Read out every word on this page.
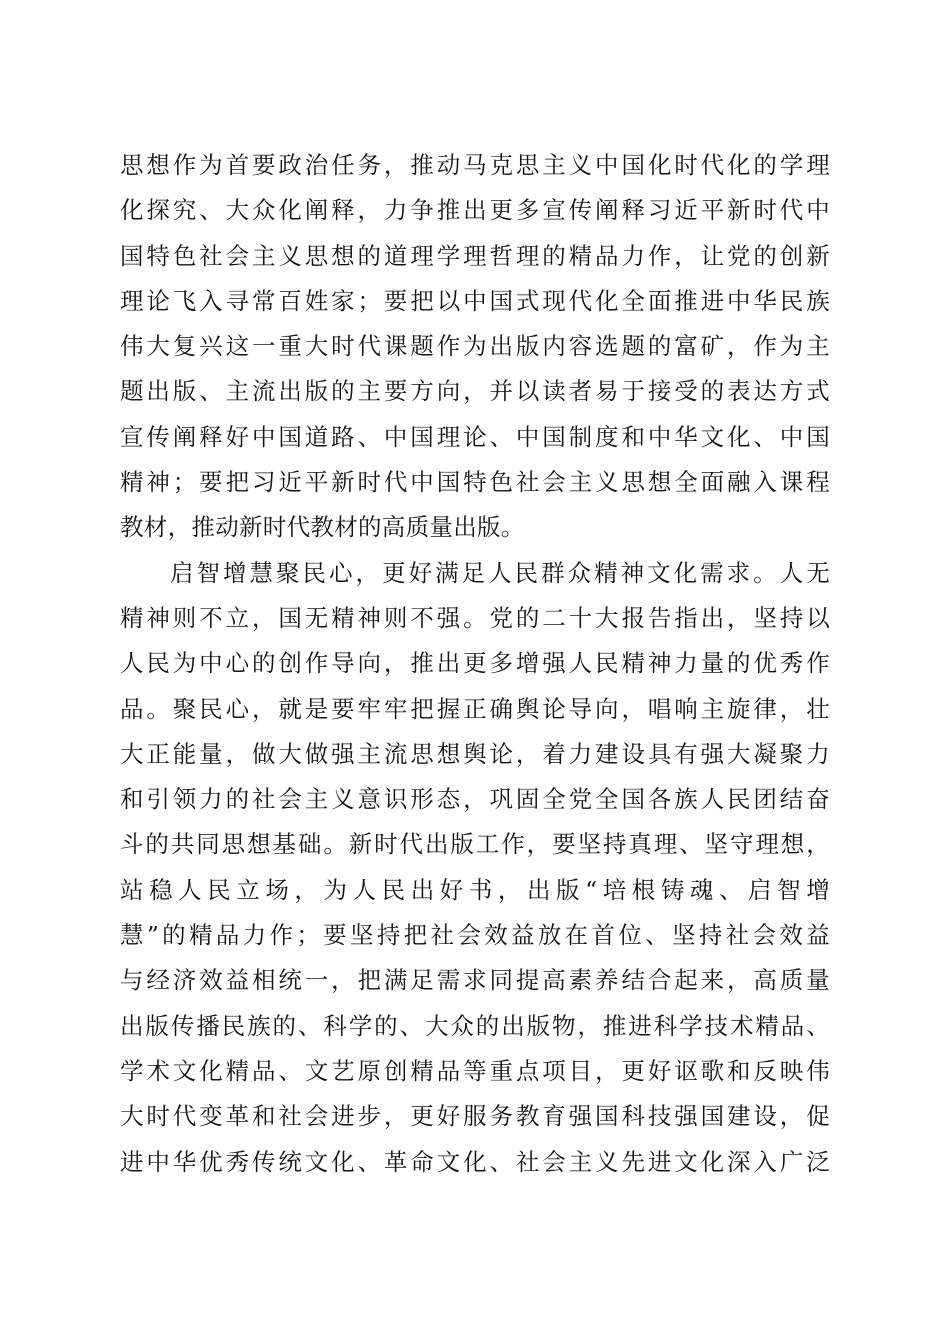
思想作为首要政治任务，推动马克思主义中国化时代化的学理
化探究、大众化阐释，力争推出更多宣传阐释习近平新时代中
国特色社会主义思想的道理学理哲理的精品力作，让党的创新
理论飞入寻常百姓家；要把以中国式现代化全面推进中华民族
伟大复兴这一重大时代课题作为出版内容选题的富矿，作为主
题出版、主流出版的主要方向，并以读者易于接受的表达方式
宣传阐释好中国道路、中国理论、中国制度和中华文化、中国
精神；要把习近平新时代中国特色社会主义思想全面融入课程
教材，推动新时代教材的高质量出版。
启智增慧聚民心，更好满足人民群众精神文化需求。人无
精神则不立，国无精神则不强。党的二十大报告指出，坚持以
人民为中心的创作导向，推出更多增强人民精神力量的优秀作
品。聚民心，就是要牢牢把握正确舆论导向，唱响主旋律，壮
大正能量，做大做强主流思想舆论，着力建设具有强大凝聚力
和引领力的社会主义意识形态，巩固全党全国各族人民团结奋
斗的共同思想基础。新时代出版工作，要坚持真理、坚守理想，
站稳人民立场，为人民出好书，出版“培根铸魂、启智增
慧”的精品力作；要坚持把社会效益放在首位、坚持社会效益
与经济效益相统一，把满足需求同提高素养结合起来，高质量
出版传播民族的、科学的、大众的出版物，推进科学技术精品、
学术文化精品、文艺原创精品等重点项目，更好讴歌和反映伟
大时代变革和社会进步，更好服务教育强国科技强国建设，促
进中华优秀传统文化、革命文化、社会主义先进文化深入广泛
